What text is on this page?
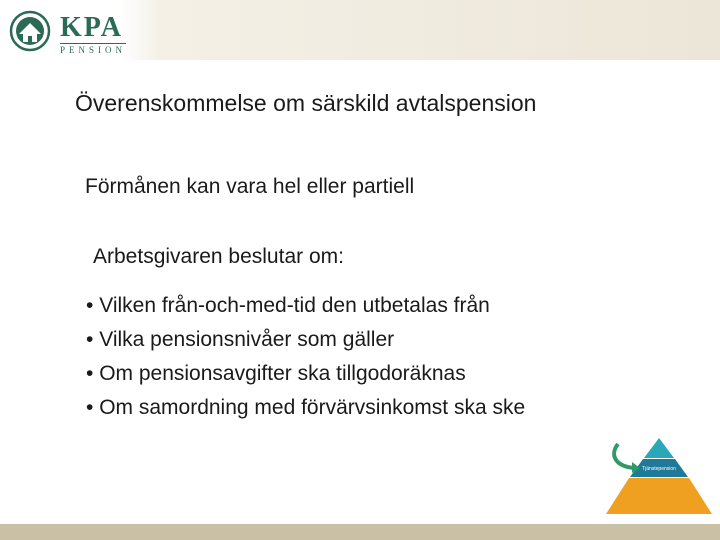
KPA
PENSION
Överenskommelse om särskild avtalspension
Förmånen kan vara hel eller partiell
Arbetsgivaren beslutar om:
• Vilken från-och-med-tid den utbetalas från
• Vilka pensionsnivåer som gäller
• Om pensionsavgifter ska tillgodoräknas
• Om samordning med förvärvsinkomst ska ske
Tjänstepension
